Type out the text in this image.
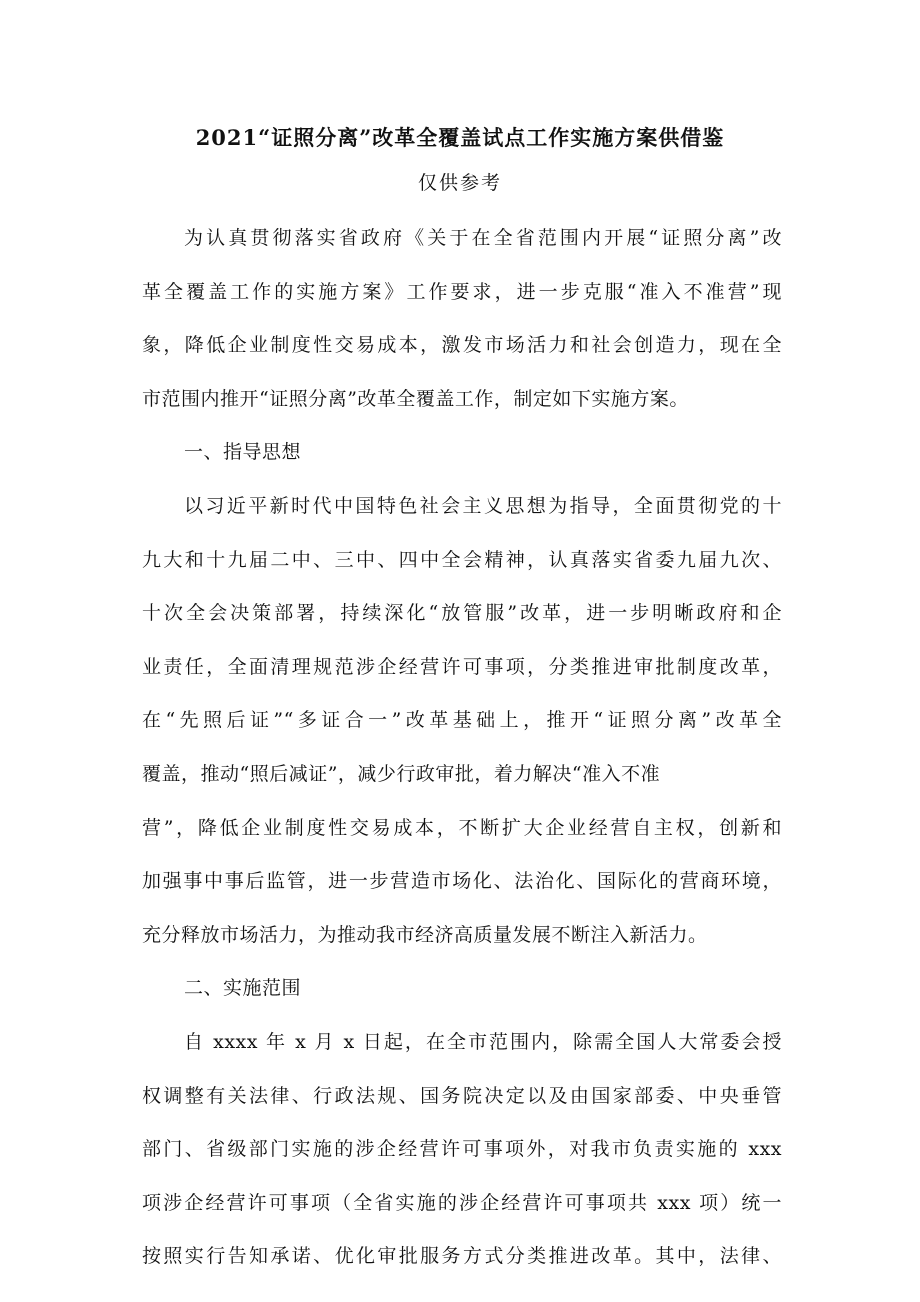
2021“证照分离”改革全覆盖试点工作实施方案供借鉴
仅供参考
为认真贯彻落实省政府《关于在全省范围内开展“证照分离”改
革全覆盖工作的实施方案》工作要求，进一步克服“准入不准营”现
象，降低企业制度性交易成本，激发市场活力和社会创造力，现在全
市范围内推开“证照分离”改革全覆盖工作，制定如下实施方案。
一、指导思想
以习近平新时代中国特色社会主义思想为指导，全面贯彻党的十
九大和十九届二中、三中、四中全会精神，认真落实省委九届九次、
十次全会决策部署，持续深化“放管服”改革，进一步明晰政府和企
业责任，全面清理规范涉企经营许可事项，分类推进审批制度改革，
在“先照后证”“多证合一”改革基础上，推开“证照分离”改革全
覆盖，推动“照后减证”，减少行政审批，着力解决“准入不准
营”，降低企业制度性交易成本，不断扩大企业经营自主权，创新和
加强事中事后监管，进一步营造市场化、法治化、国际化的营商环境，
充分释放市场活力，为推动我市经济高质量发展不断注入新活力。
二、实施范围
自 xxxx 年 x 月 x 日起，在全市范围内，除需全国人大常委会授
权调整有关法律、行政法规、国务院决定以及由国家部委、中央垂管
部门、省级部门实施的涉企经营许可事项外，对我市负责实施的 xxx
项涉企经营许可事项（全省实施的涉企经营许可事项共 xxx 项）统一
按照实行告知承诺、优化审批服务方式分类推进改革。其中，法律、
